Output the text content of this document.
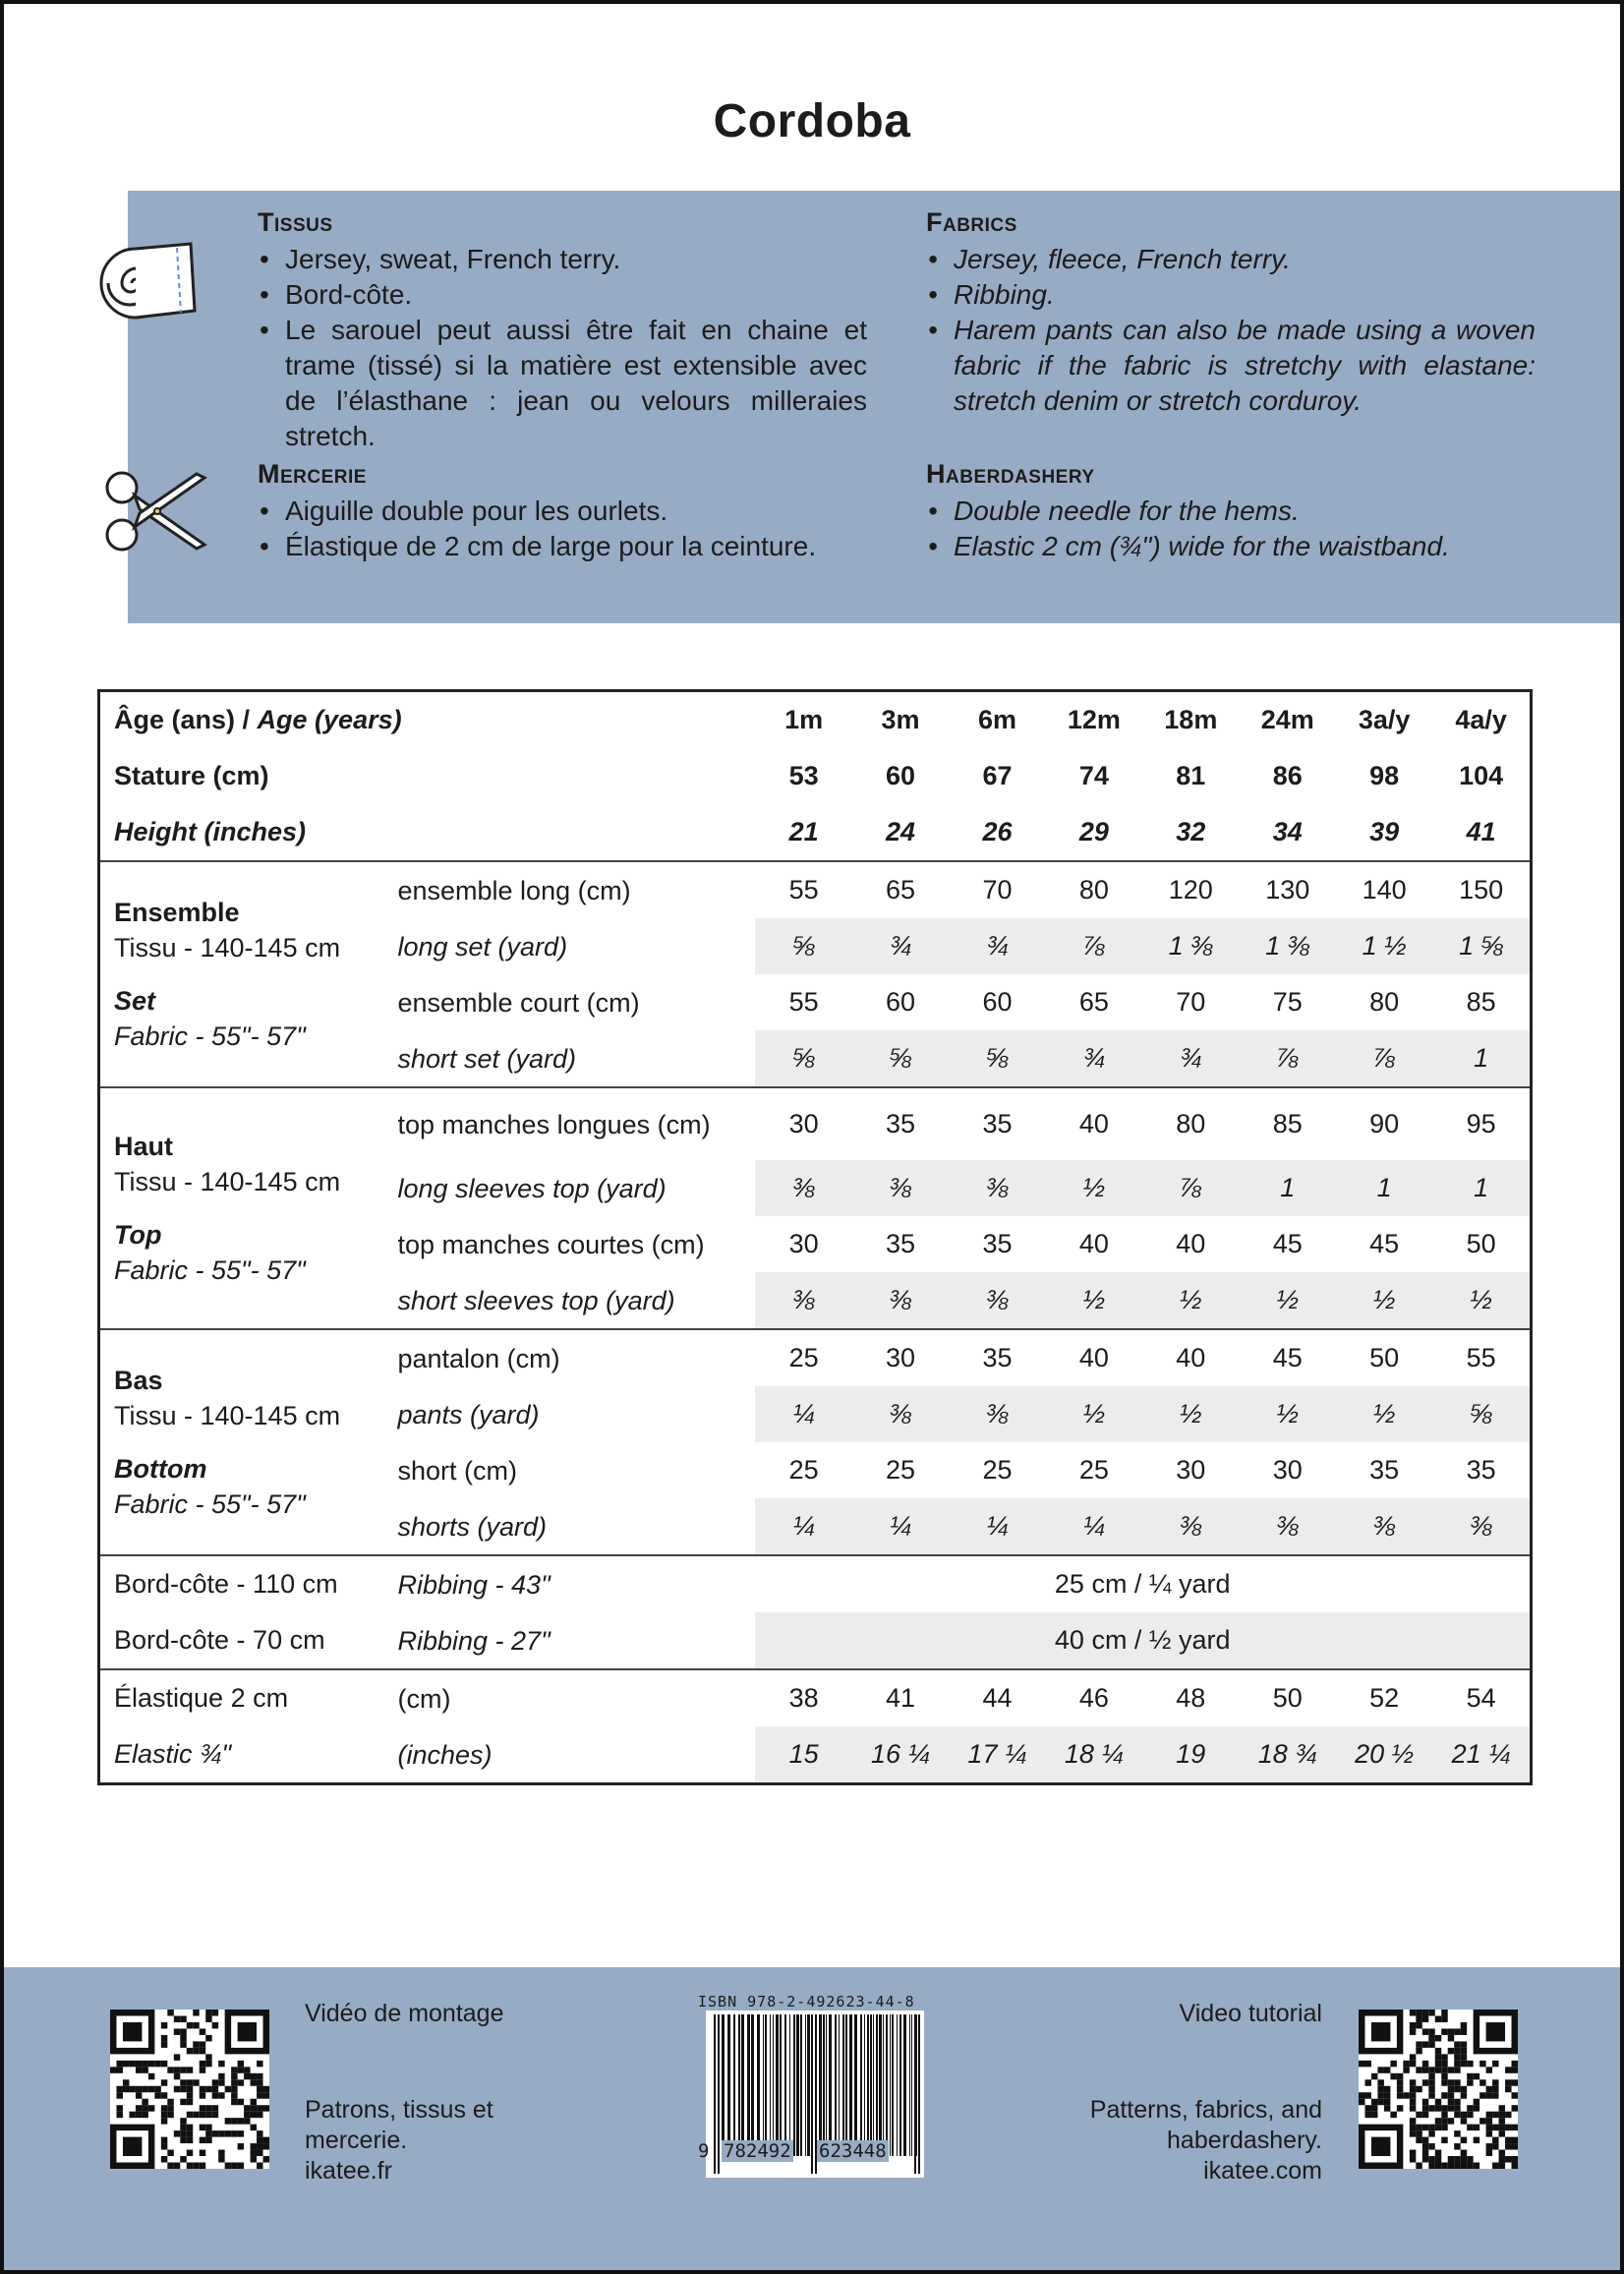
Cordoba
Tissus
• Jersey, sweat, French terry.
• Bord-côte.
• Le sarouel peut aussi être fait en chaine et trame (tissé) si la matière est extensible avec de l’élasthane : jean ou velours milleraies stretch.
Fabrics
• Jersey, fleece, French terry.
• Ribbing.
• Harem pants can also be made using a woven fabric if the fabric is stretchy with elastane: stretch denim or stretch corduroy.
Mercerie
• Aiguille double pour les ourlets.
• Élastique de 2 cm de large pour la ceinture.
Haberdashery
• Double needle for the hems.
• Elastic 2 cm (¾") wide for the waistband.
Âge (ans) / Age (years)		1m	3m	6m	12m	18m	24m	3a/y	4a/y
Stature (cm)		53	60	67	74	81	86	98	104
Height (inches)		21	24	26	29	32	34	39	41

Ensemble
Tissu - 140-145 cm
Set
Fabric - 55"- 57"	ensemble long (cm)	55	65	70	80	120	130	140	150
	long set (yard)	⅝	¾	¾	⅞	1 ⅜	1 ⅜	1 ½	1 ⅝
	ensemble court (cm)	55	60	60	65	70	75	80	85
	short set (yard)	⅝	⅝	⅝	¾	¾	⅞	⅞	1

Haut
Tissu - 140-145 cm
Top
Fabric - 55"- 57"	top manches longues (cm)	30	35	35	40	80	85	90	95
	long sleeves top (yard)	⅜	⅜	⅜	½	⅞	1	1	1
	top manches courtes (cm)	30	35	35	40	40	45	45	50
	short sleeves top (yard)	⅜	⅜	⅜	½	½	½	½	½

Bas
Tissu - 140-145 cm
Bottom
Fabric - 55"- 57"	pantalon (cm)	25	30	35	40	40	45	50	55
	pants (yard)	¼	⅜	⅜	½	½	½	½	⅝
	short (cm)	25	25	25	25	30	30	35	35
	shorts (yard)	¼	¼	¼	¼	⅜	⅜	⅜	⅜
Bord-côte - 110 cm	Ribbing - 43"	25 cm / ¼ yard							
Bord-côte - 70 cm	Ribbing - 27"	40 cm / ½ yard							
Élastique 2 cm	(cm)	38	41	44	46	48	50	52	54
Elastic ¾"	(inches)	15	16 ¼	17 ¼	18 ¼	19	18 ¾	20 ½	21 ¼
Vidéo de montage
Patrons, tissus et
mercerie.
ikatee.fr
ISBN 978-2-492623-44-8
9 782492 623448
Video tutorial
Patterns, fabrics, and
haberdashery.
ikatee.com
